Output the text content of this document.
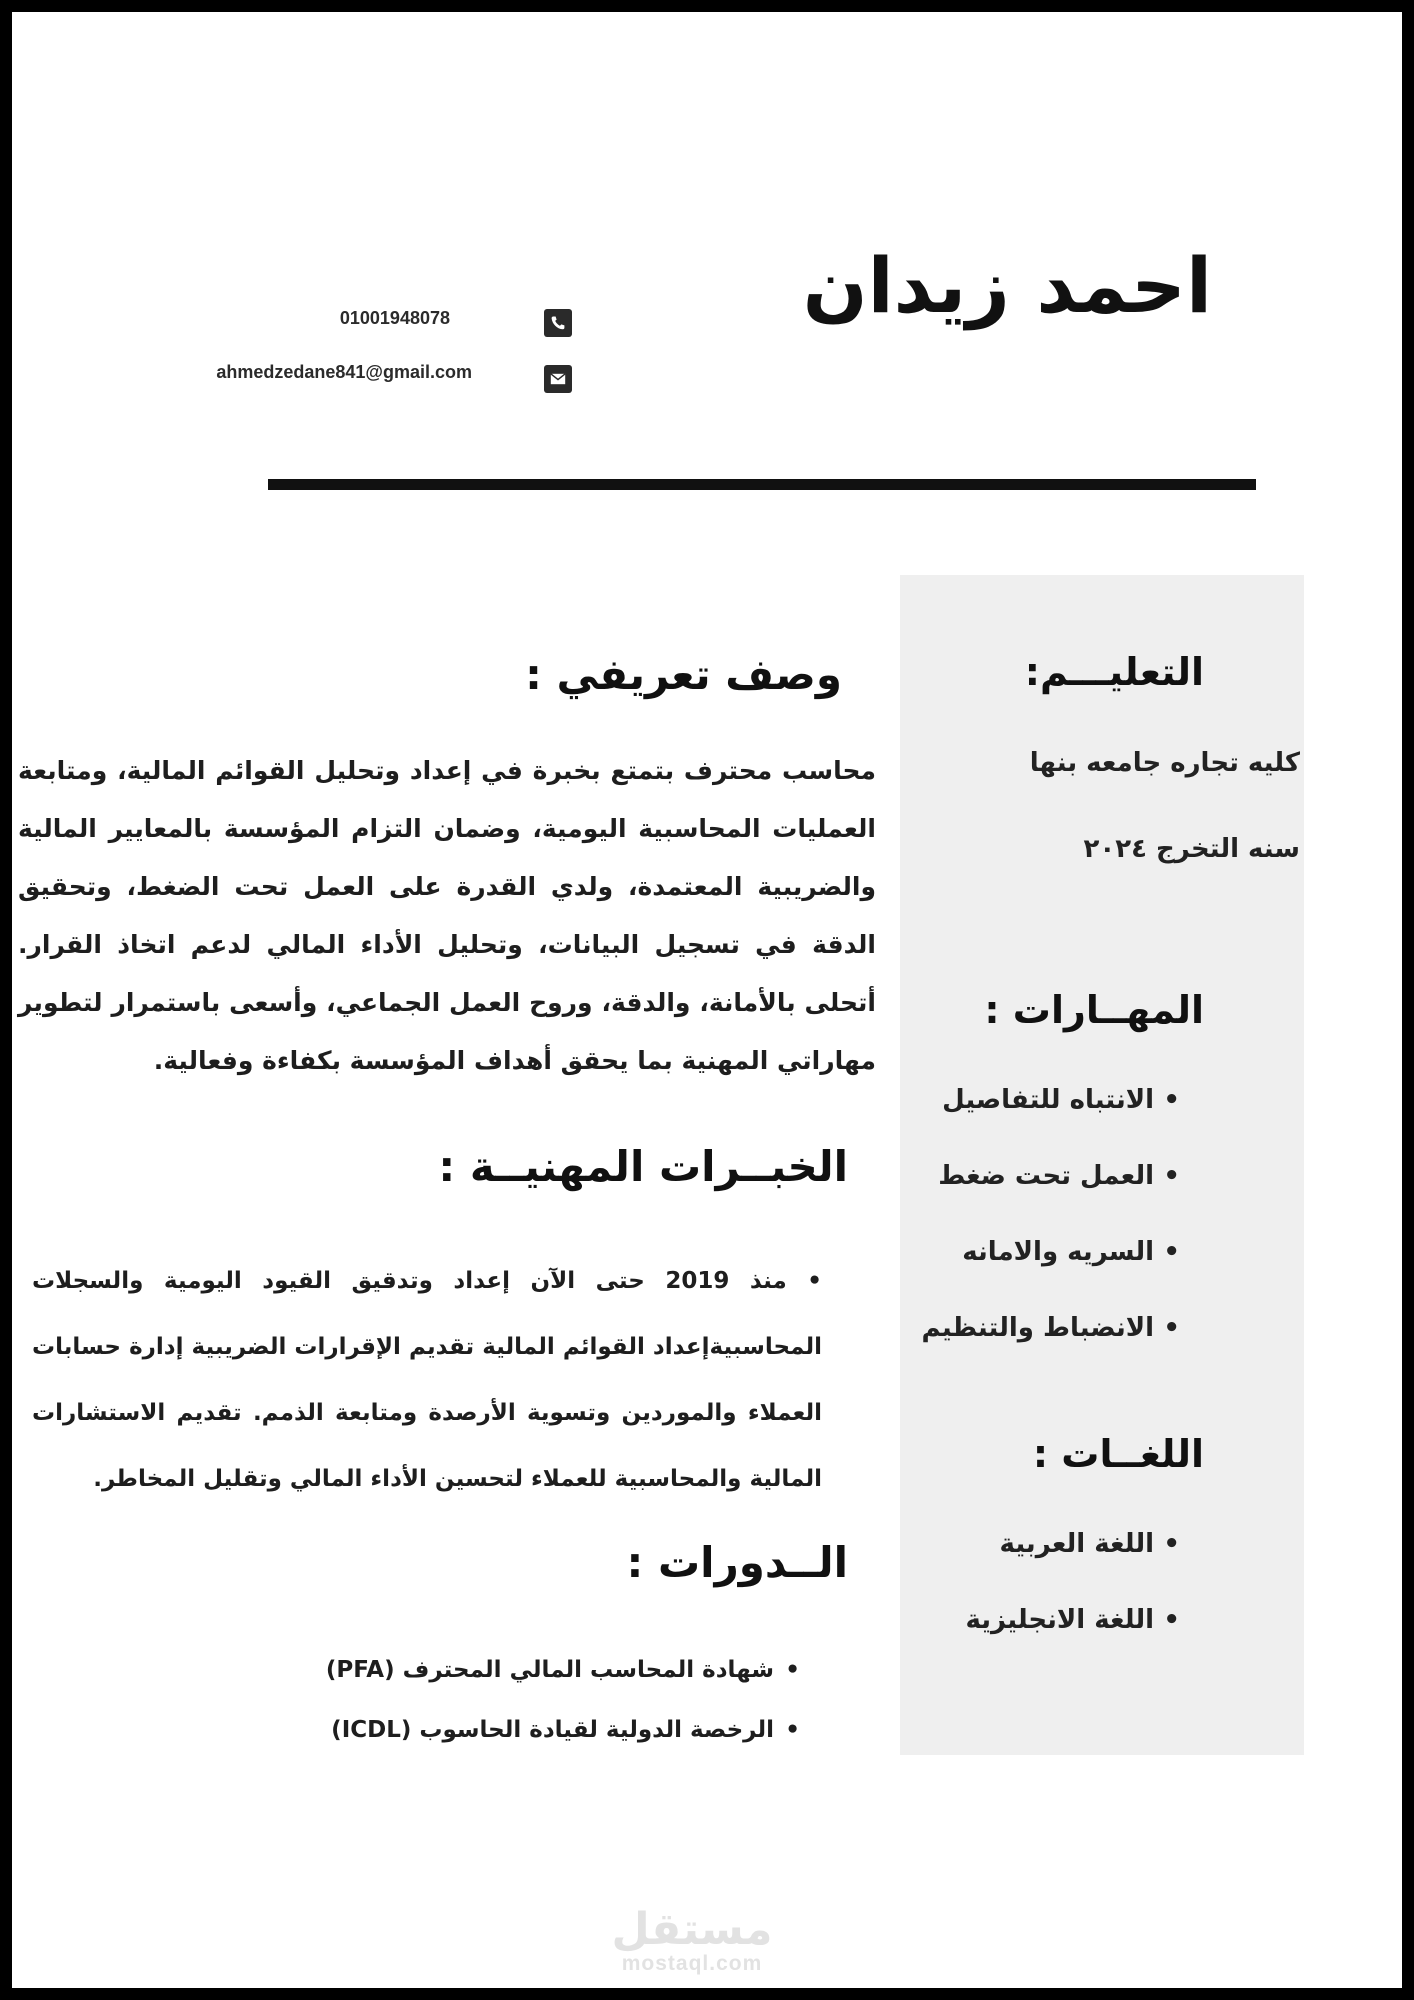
احمد زيدان
01001948078
ahmedzedane841@gmail.com
التعليـــم:
كليه تجاره جامعه بنها
سنه التخرج ٢٠٢٤
المهــارات :
• الانتباه للتفاصيل
• العمل تحت ضغط
• السريه والامانه
• الانضباط والتنظيم
اللغــات :
• اللغة العربية
• اللغة الانجليزية
وصف تعريفي :
محاسب محترف بتمتع بخبرة في إعداد وتحليل القوائم المالية، ومتابعة العمليات المحاسبية اليومية، وضمان التزام المؤسسة بالمعايير المالية والضريبية المعتمدة، ولدي القدرة على العمل تحت الضغط، وتحقيق الدقة في تسجيل البيانات، وتحليل الأداء المالي لدعم اتخاذ القرار. أتحلى بالأمانة، والدقة، وروح العمل الجماعي، وأسعى باستمرار لتطوير مهاراتي المهنية بما يحقق أهداف المؤسسة بكفاءة وفعالية.
الخبــرات المهنيــة :
• منذ 2019 حتى الآن إعداد وتدقيق القيود اليومية والسجلات المحاسبيةإعداد القوائم المالية تقديم الإقرارات الضريبية إدارة حسابات العملاء والموردين وتسوية الأرصدة ومتابعة الذمم. تقديم الاستشارات المالية والمحاسبية للعملاء لتحسين الأداء المالي وتقليل المخاطر.
الــدورات :
• شهادة المحاسب المالي المحترف (PFA)
• الرخصة الدولية لقيادة الحاسوب (ICDL)
مستقل
mostaql.com
